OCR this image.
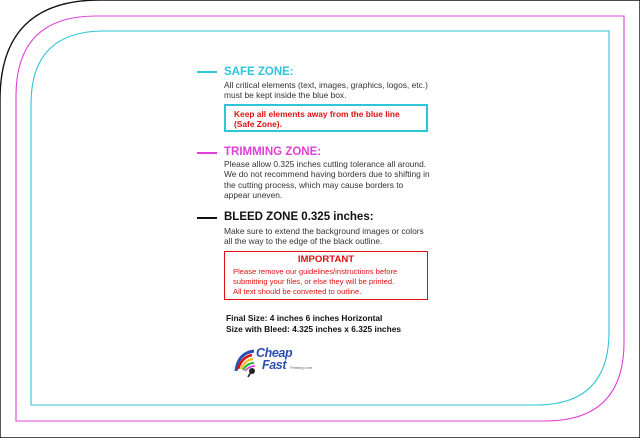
SAFE ZONE:
All critical elements (text, images, graphics, logos, etc.)
must be kept inside the blue box.
Keep all elements away from the blue line
(Safe Zone).
TRIMMING ZONE:
Please allow 0.325 inches cutting tolerance all around.
We do not recommend having borders due to shifting in
the cutting process, which may cause borders to
appear uneven.
BLEED ZONE 0.325 inches:
Make sure to extend the background images or colors
all the way to the edge of the black outline.
IMPORTANT
Please remove our guidelines/instructions before
submitting your files, or else they will be printed.
All text should be converted to outline.
Final Size: 4 inches 6 inches Horizontal
Size with Bleed: 4.325 inches x 6.325 inches
Cheap
Fast Printing.com
